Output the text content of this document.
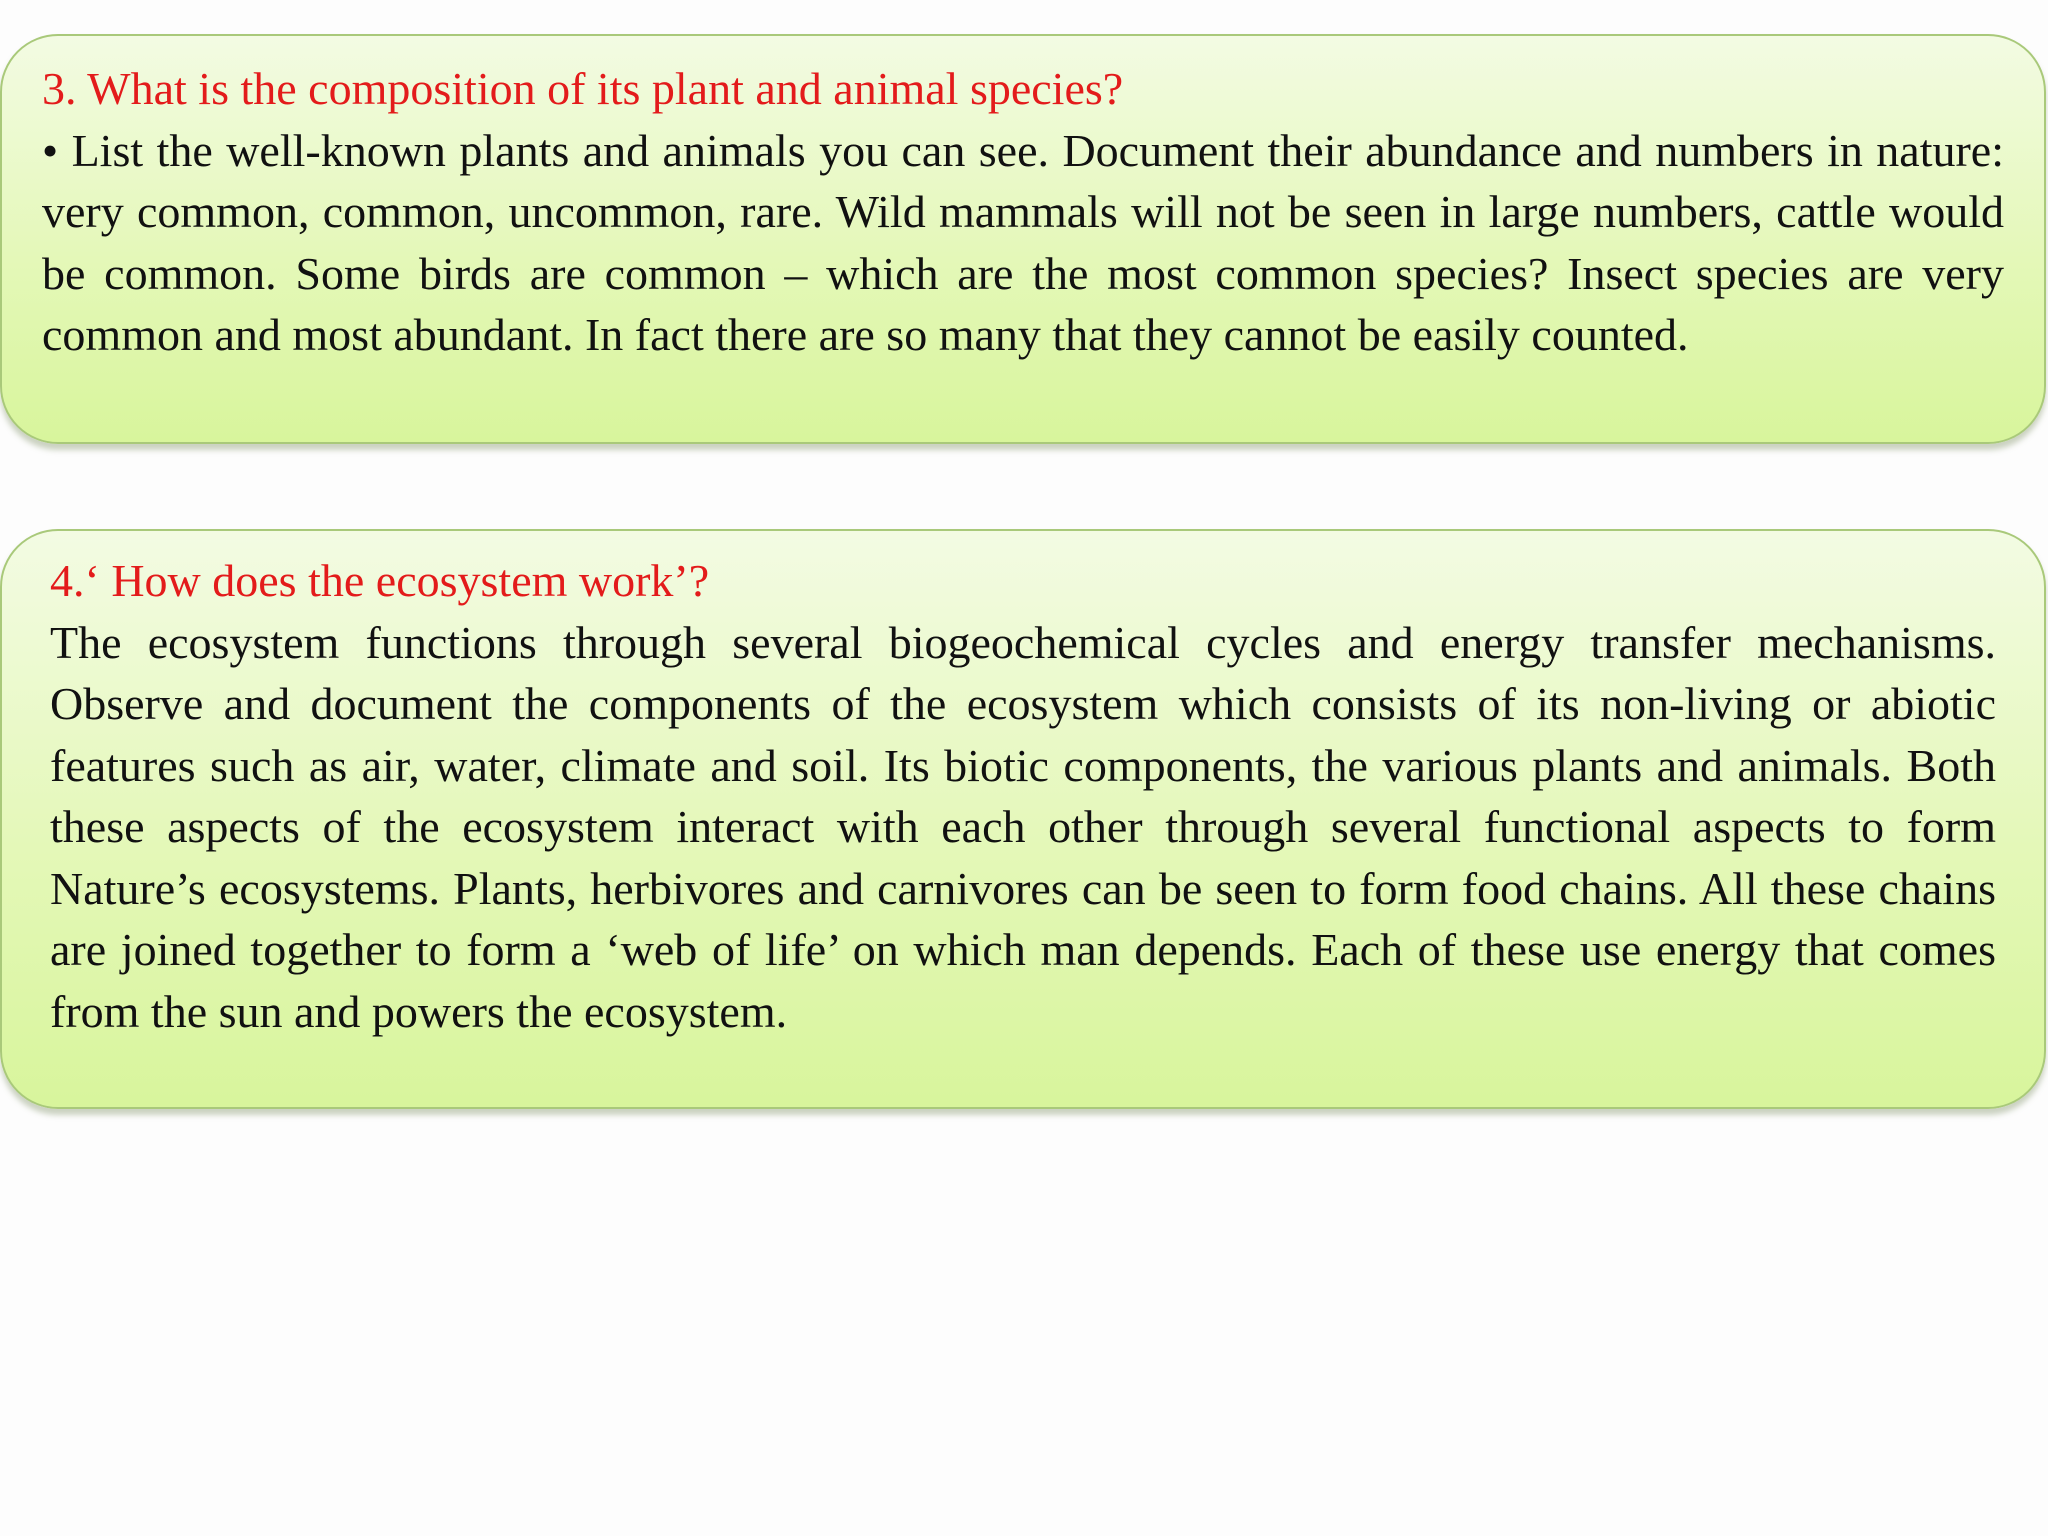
3. What is the composition of its plant and animal species?

• List the well-known plants and animals you can see. Document their abundance and numbers in nature: very common, common, uncommon, rare. Wild mammals will not be seen in large numbers, cattle would be common. Some birds are common – which are the most common species? Insect species are very common and most abundant. In fact there are so many that they cannot be easily counted.

4.‘ How does the ecosystem work’?

The ecosystem functions through several biogeochemical cycles and energy transfer mechanisms. Observe and document the components of the ecosystem which consists of its non-living or abiotic features such as air, water, climate and soil. Its biotic components, the various plants and animals. Both these aspects of the ecosystem interact with each other through several functional aspects to form Nature’s ecosystems. Plants, herbivores and carnivores can be seen to form food chains. All these chains are joined together to form a ‘web of life’ on which man depends. Each of these use energy that comes from the sun and powers the ecosystem.
